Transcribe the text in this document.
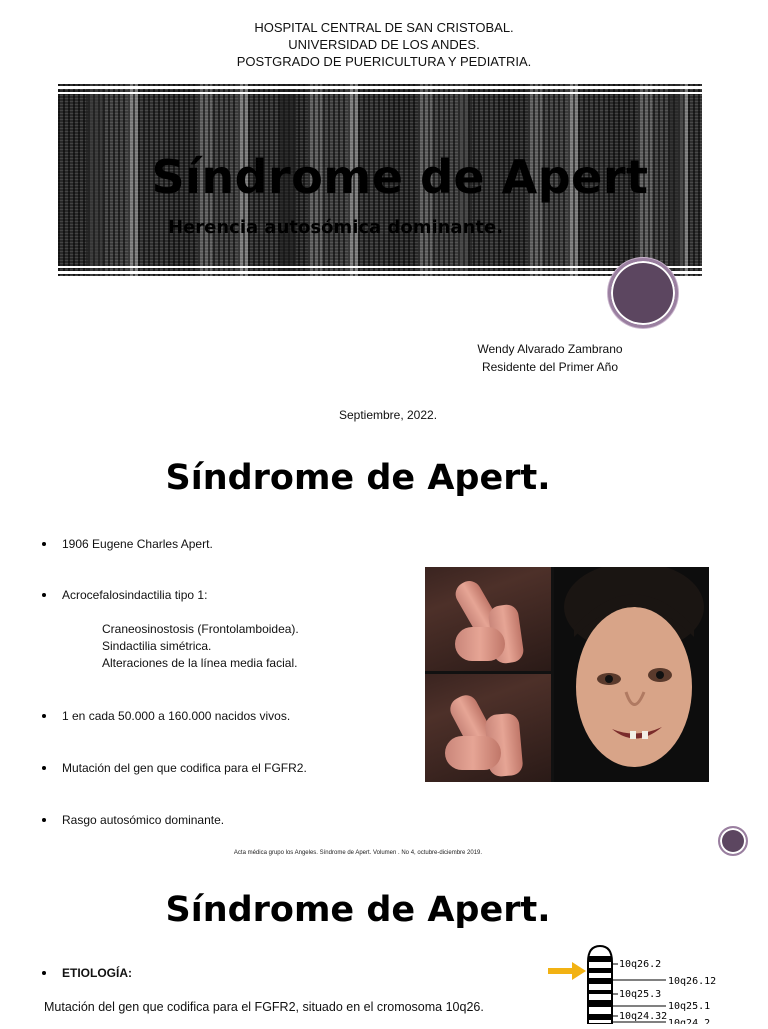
HOSPITAL CENTRAL DE SAN CRISTOBAL.
UNIVERSIDAD DE LOS ANDES.
POSTGRADO DE PUERICULTURA Y PEDIATRIA.
Síndrome de Apert
Herencia autosómica dominante.
Wendy Alvarado Zambrano
Residente del Primer Año
Septiembre, 2022.
Síndrome de Apert.
1906 Eugene Charles Apert.
Acrocefalosindactilia tipo 1:
Craneosinostosis (Frontolamboidea).
Sindactilia simétrica.
Alteraciones de la línea media facial.
1 en cada 50.000 a 160.000 nacidos vivos.
Mutación del gen que codifica para el FGFR2.
Rasgo autosómico dominante.
Acta médica grupo los Angeles. Síndrome de Apert. Volumen . No 4, octubre-diciembre 2019.
Síndrome de Apert.
ETIOLOGÍA:
Mutación del gen que codifica para el FGFR2, situado en el cromosoma 10q26.
10q26.2
10q26.12
10q25.3
10q25.1
10q24.32
10q24.2
